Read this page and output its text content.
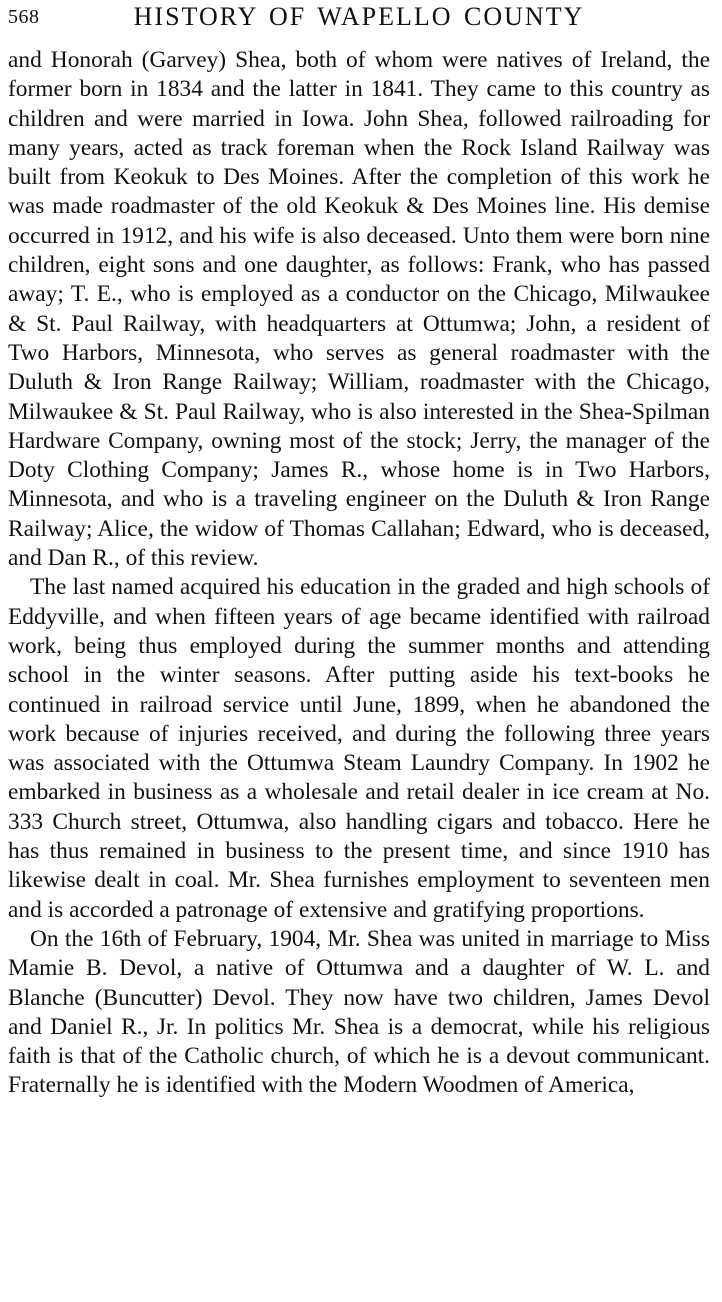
568	HISTORY OF WAPELLO COUNTY

and Honorah (Garvey) Shea, both of whom were natives of Ireland, the former born in 1834 and the latter in 1841. They came to this country as children and were married in Iowa. John Shea, followed railroading for many years, acted as track foreman when the Rock Island Railway was built from Keokuk to Des Moines. After the completion of this work he was made roadmaster of the old Keokuk & Des Moines line. His demise occurred in 1912, and his wife is also deceased. Unto them were born nine children, eight sons and one daughter, as follows: Frank, who has passed away; T. E., who is employed as a conductor on the Chicago, Milwaukee & St. Paul Railway, with headquarters at Ottumwa; John, a resident of Two Harbors, Minnesota, who serves as general roadmaster with the Duluth & Iron Range Railway; William, roadmaster with the Chicago, Milwaukee & St. Paul Railway, who is also interested in the Shea-Spilman Hardware Company, owning most of the stock; Jerry, the manager of the Doty Clothing Company; James R., whose home is in Two Harbors, Minnesota, and who is a traveling engineer on the Duluth & Iron Range Railway; Alice, the widow of Thomas Callahan; Edward, who is deceased, and Dan R., of this review.

The last named acquired his education in the graded and high schools of Eddyville, and when fifteen years of age became identified with railroad work, being thus employed during the summer months and attending school in the winter seasons. After putting aside his text-books he continued in railroad service until June, 1899, when he abandoned the work because of injuries received, and during the following three years was associated with the Ottumwa Steam Laundry Company. In 1902 he embarked in business as a wholesale and retail dealer in ice cream at No. 333 Church street, Ottumwa, also handling cigars and tobacco. Here he has thus remained in business to the present time, and since 1910 has likewise dealt in coal. Mr. Shea furnishes employment to seventeen men and is accorded a patronage of extensive and gratifying proportions.

On the 16th of February, 1904, Mr. Shea was united in marriage to Miss Mamie B. Devol, a native of Ottumwa and a daughter of W. L. and Blanche (Buncutter) Devol. They now have two children, James Devol and Daniel R., Jr. In politics Mr. Shea is a democrat, while his religious faith is that of the Catholic church, of which he is a devout communicant. Fraternally he is identified with the Modern Woodmen of America,
